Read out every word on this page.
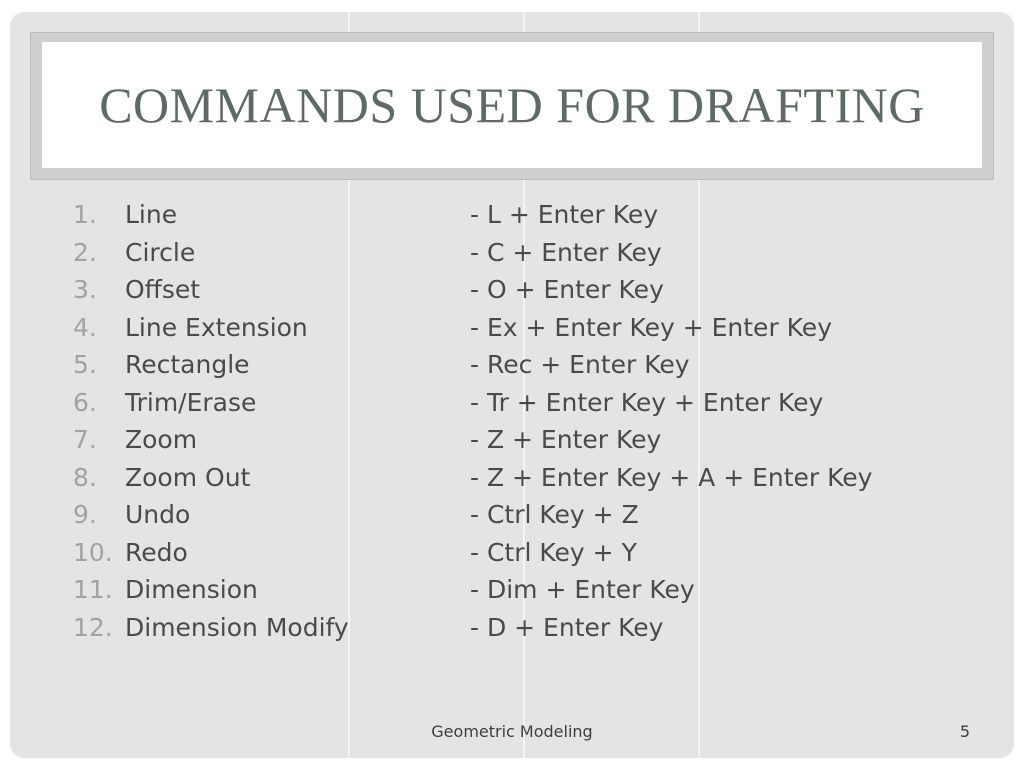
COMMANDS USED FOR DRAFTING
1. Line	- L + Enter Key
2. Circle	- C + Enter Key
3. Offset	- O + Enter Key
4. Line Extension	- Ex + Enter Key + Enter Key
5. Rectangle	- Rec + Enter Key
6. Trim/Erase	- Tr + Enter Key + Enter Key
7. Zoom	- Z + Enter Key
8. Zoom Out	- Z + Enter Key + A + Enter Key
9. Undo	- Ctrl Key + Z
10. Redo	- Ctrl Key + Y
11. Dimension	- Dim + Enter Key
12. Dimension Modify	- D + Enter Key
Geometric Modeling	5
